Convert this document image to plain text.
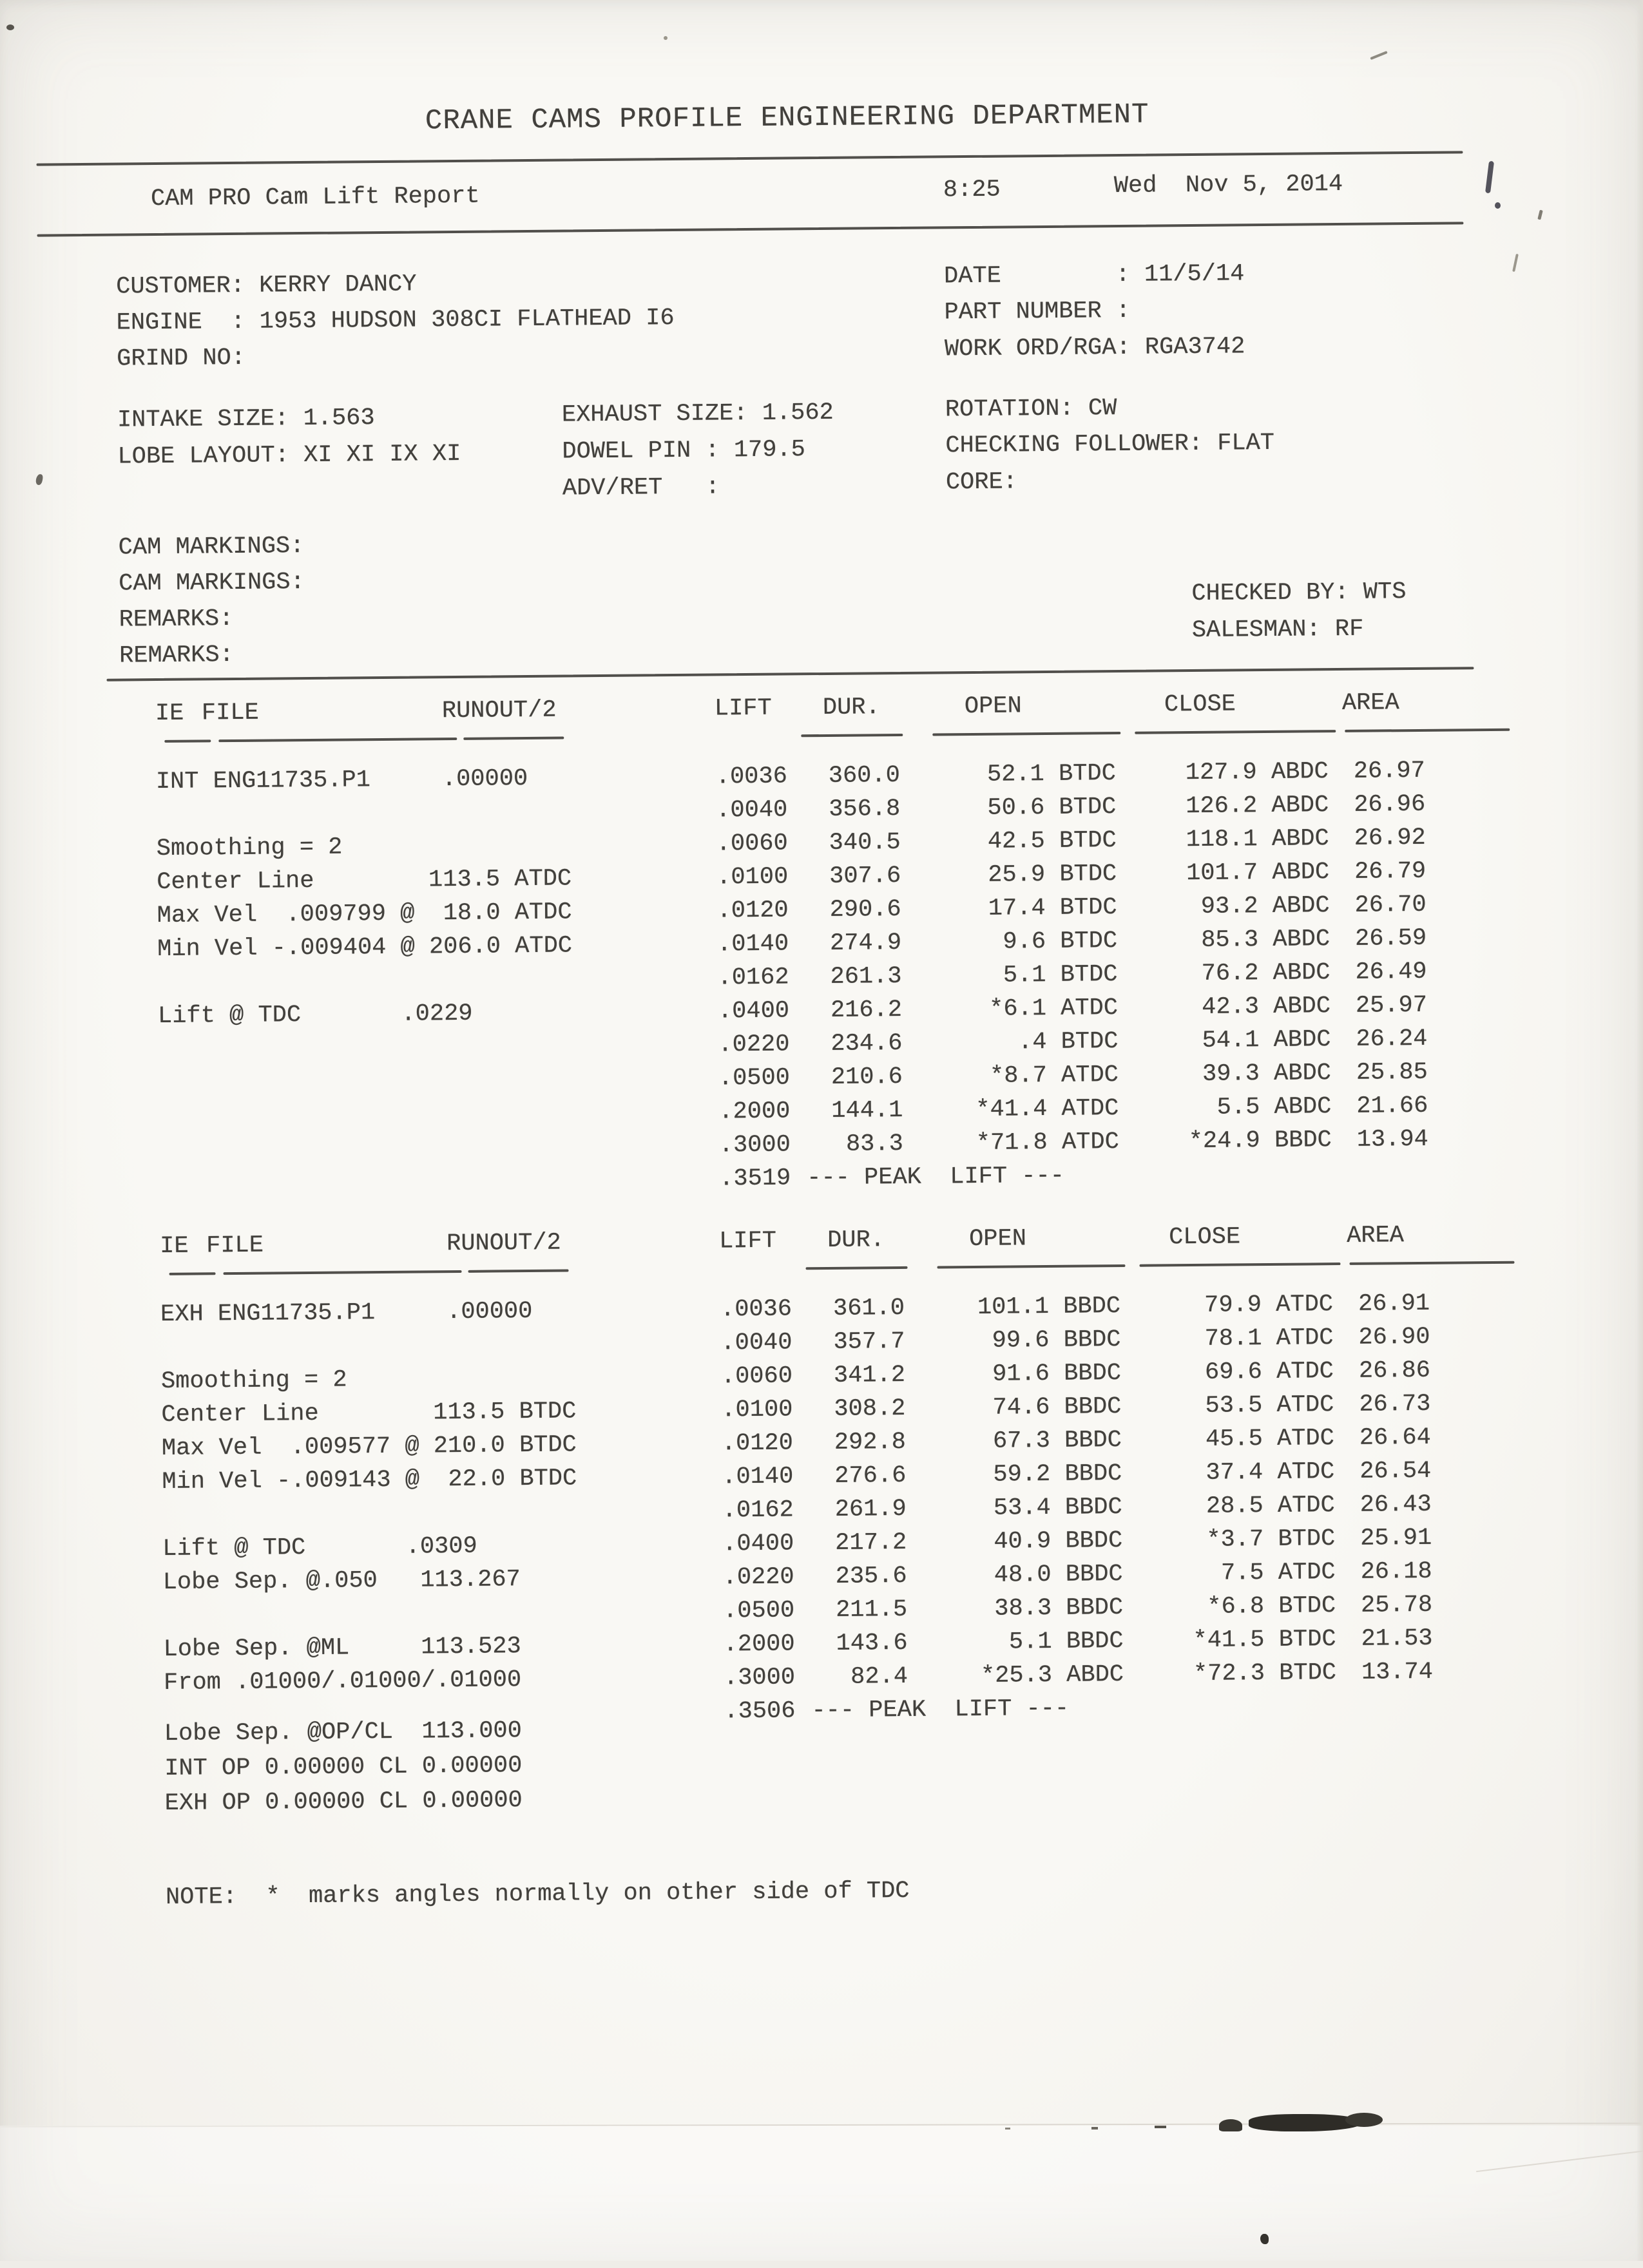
CRANE CAMS PROFILE ENGINEERING DEPARTMENT
CAM PRO Cam Lift Report	8:25	Wed  Nov 5, 2014
CUSTOMER: KERRY DANCY
ENGINE  : 1953 HUDSON 308CI FLATHEAD I6
GRIND NO:
DATE        : 11/5/14
PART NUMBER :
WORK ORD/RGA: RGA3742
INTAKE SIZE: 1.563	EXHAUST SIZE: 1.562	ROTATION: CW
LOBE LAYOUT: XI XI IX XI	DOWEL PIN : 179.5	CHECKING FOLLOWER: FLAT
ADV/RET   :	CORE:
CAM MARKINGS:
CAM MARKINGS:
REMARKS:
REMARKS:
CHECKED BY: WTS
SALESMAN: RF
IE FILE	RUNOUT/2	LIFT DUR.	OPEN	CLOSE	AREA
INT ENG11735.P1     .00000	.0036	360.0	52.1 BTDC	127.9 ABDC	26.97
.0040	356.8	50.6 BTDC	126.2 ABDC	26.96
Smoothing = 2	.0060	340.5	42.5 BTDC	118.1 ABDC	26.92
Center Line        113.5 ATDC	.0100	307.6	25.9 BTDC	101.7 ABDC	26.79
Max Vel  .009799 @  18.0 ATDC	.0120	290.6	17.4 BTDC	93.2 ABDC	26.70
Min Vel -.009404 @ 206.0 ATDC	.0140	274.9	9.6 BTDC	85.3 ABDC	26.59
.0162	261.3	5.1 BTDC	76.2 ABDC	26.49
Lift @ TDC       .0229	.0400	216.2	*6.1 ATDC	42.3 ABDC	25.97
.0220	234.6	.4 BTDC	54.1 ABDC	26.24
.0500	210.6	*8.7 ATDC	39.3 ABDC	25.85
.2000	144.1	*41.4 ATDC	5.5 ABDC	21.66
.3000	83.3	*71.8 ATDC	*24.9 BBDC	13.94
.3519 --- PEAK  LIFT ---
IE FILE	RUNOUT/2	LIFT DUR.	OPEN	CLOSE	AREA
EXH ENG11735.P1     .00000	.0036	361.0	101.1 BBDC	79.9 ATDC	26.91
.0040	357.7	99.6 BBDC	78.1 ATDC	26.90
Smoothing = 2	.0060	341.2	91.6 BBDC	69.6 ATDC	26.86
Center Line        113.5 BTDC	.0100	308.2	74.6 BBDC	53.5 ATDC	26.73
Max Vel  .009577 @ 210.0 BTDC	.0120	292.8	67.3 BBDC	45.5 ATDC	26.64
Min Vel -.009143 @  22.0 BTDC	.0140	276.6	59.2 BBDC	37.4 ATDC	26.54
.0162	261.9	53.4 BBDC	28.5 ATDC	26.43
Lift @ TDC       .0309	.0400	217.2	40.9 BBDC	*3.7 BTDC	25.91
Lobe Sep. @.050   113.267	.0220	235.6	48.0 BBDC	7.5 ATDC	26.18
.0500	211.5	38.3 BBDC	*6.8 BTDC	25.78
Lobe Sep. @ML     113.523	.2000	143.6	5.1 BBDC	*41.5 BTDC	21.53
From .01000/.01000/.01000	.3000	82.4	*25.3 ABDC	*72.3 BTDC	13.74
.3506 --- PEAK  LIFT ---
Lobe Sep. @OP/CL  113.000
INT OP 0.00000 CL 0.00000
EXH OP 0.00000 CL 0.00000
NOTE:  *  marks angles normally on other side of TDC
